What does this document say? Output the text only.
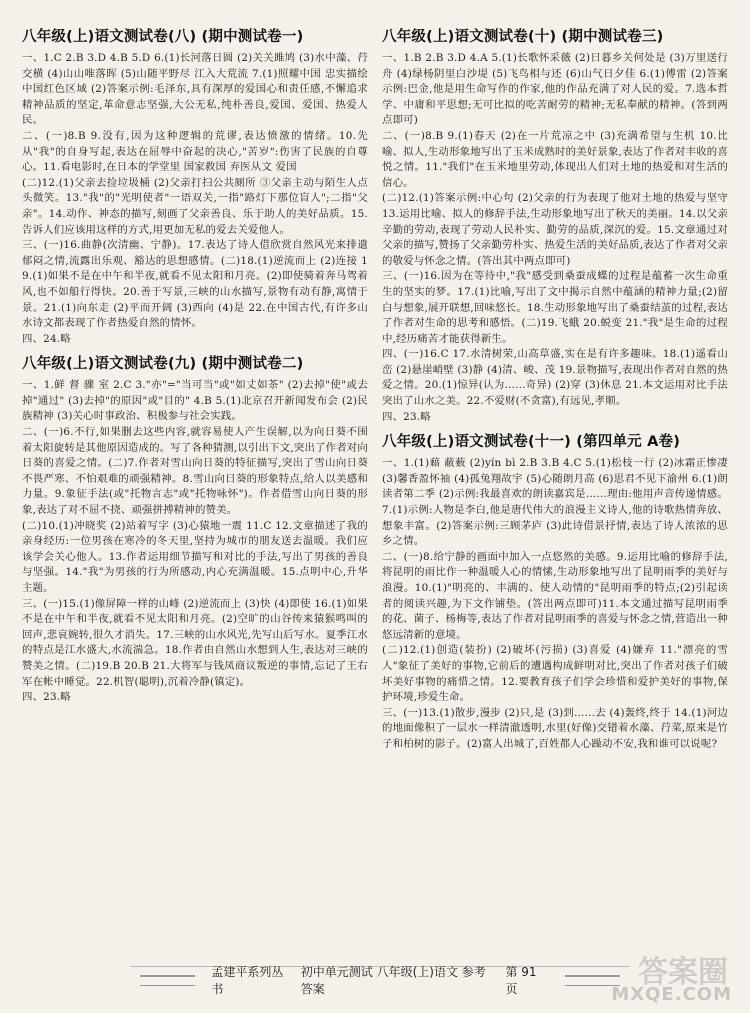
八年级(上)语文测试卷(八) (期中测试卷一)

一、1.C 2.B 3.D 4.B 5.D 6.(1)长河落日圆 (2)关关雎鸠 (3)水中藻、荇交横 (4)山山唯落晖 (5)山随平野尽 江入大荒流 7.(1)照耀中国 忠实描绘中国红色区域 (2)答案示例:毛泽东,具有深厚的爱国心和责任感,不懈追求精神品质的坚定,革命意志坚强,大公无私,纯朴善良,爱国、爱国、热爱人民。

二、(一)8.B 9.没有,因为这种逻辑的荒谬,表达愤激的情绪。10.先从"我"的自身写起,表达在屈辱中奋起的决心,"苦岁":伤害了民族的自尊心。11.看电影时,在日本的学堂里 国家救国 弃医从文 爱国

(二)12.(1)父亲去捡垃圾桶 (2)父亲打扫公共厕所 ③父亲主动与陌生人点头微笑。13."我"的"光明使者"一语双关,一指"路灯下那位盲人";二指"父亲"。14.动作、神态的描写,刻画了父亲善良、乐于助人的美好品质。15.告诉人们应该用这样的方式,用更加无私的爱去关爱他人。

三、(一)16.曲静(次清幽、宁静)。17.表达了诗人借欣赏自然风光来排遣郁闷之情,流露出乐观、豁达的思想感情。(二)18.(1)逆流而上 (2)连接 19.(1)如果不是在中午和半夜,就看不见太阳和月亮。(2)即使骑着奔马驾着风,也不如船行得快。20.善于写景,三峡的山水描写,景物有动有静,寓情于景。21.(1)向东走 (2)平而开阔 (3)西向 (4)是 22.在中国古代,有许多山水诗文都表现了作者热爱自然的情怀。

四、24.略

八年级(上)语文测试卷(九) (期中测试卷二)

一、1.鲜 督 骤 室 2.C 3."亦"="当可当"或"如丈如茶" (2)去掉"使"或去掉"通过" (3)去掉"的原因"或"目的" 4.B 5.(1)北京召开新闻发布会 (2)民族精神 (3)关心时事政治、积极参与社会实践。

二、(一)6.不行,如果删去这些内容,就容易使人产生误解,以为向日葵不围着太阳旋转是其他原因造成的。写了各种猜测,以引出下文,突出了作者对向日葵的喜爱之情。(二)7.作者对雪山向日葵的特征描写,突出了雪山向日葵不畏严寒、不怕艰难的顽强精神。8.雪山向日葵的形象特点,给人以美感和力量。9.象征手法(或"托物言志"或"托物咏怀")。作者借雪山向日葵的形象,表达了对不屈不挠、顽强拼搏精神的赞美。

(二)10.(1)冲晓奖 (2)站着写字 (3)心猿地一震 11.C 12.文章描述了我的亲身经历:一位男孩在寒冷的冬天里,坚持为城市的朋友送去温暖。我们应该学会关心他人。13.作者运用细节描写和对比的手法,写出了男孩的善良与坚强。14."我"为男孩的行为所感动,内心充满温暖。15.点明中心,升华主题。

三、(一)15.(1)像屏障一样的山峰 (2)逆流而上 (3)快 (4)即使 16.(1)如果不是在中午和半夜,就看不见太阳和月亮。(2)空旷的山谷传来猿猴鸣叫的回声,悲哀婉转,很久才消失。17.三峡的山水风光,先写山后写水。夏季江水的特点是江水盛大,水流湍急。18.作者由自然山水想到人生,表达对三峡的赞美之情。(二)19.B 20.B 21.大将军与钱凤商议叛逆的事情,忘记了王右军在帐中睡觉。22.机智(聪明),沉着冷静(镇定)。

四、23.略

八年级(上)语文测试卷(十) (期中测试卷三)

一、1.B 2.B 3.D 4.A 5.(1)长歌怀采薇 (2)日暮乡关何处是 (3)万里送行舟 (4)绿杨阴里白沙堤 (5)飞鸟相与还 (6)山气日夕佳 6.(1)傅雷 (2)答案示例:巴金,他是用生命写作的作家,他的作品充满了对人民的爱。7.选本哲学、中庸和平思想;无可比拟的吃苦耐劳的精神;无私奉献的精神。(答到两点即可)

二、(一)8.B 9.(1)春天 (2)在一片荒凉之中 (3)充满希望与生机 10.比喻、拟人,生动形象地写出了玉米成熟时的美好景象,表达了作者对丰收的喜悦之情。11."我们"在玉米地里劳动,体现出人们对土地的热爱和对生活的信心。

(二)12.(1)答案示例:中心句 (2)父亲的行为表现了他对土地的热爱与坚守 13.运用比喻、拟人的修辞手法,生动形象地写出了秋天的美丽。14.以父亲辛勤的劳动,表现了劳动人民朴实、勤劳的品质,深沉的爱。15.文章通过对父亲的描写,赞扬了父亲勤劳朴实、热爱生活的美好品质,表达了作者对父亲的敬爱与怀念之情。(答出其中两点即可)

三、(一)16.因为在等待中,"我"感受到桑蚕成蝶的过程是蕴蓄一次生命重生的坚实的梦。17.(1)比喻,写出了文中揭示自然中蕴涵的精神力量;(2)留白与想象,展开联想,回味悠长。18.生动形象地写出了桑蚕结茧的过程,表达了作者对生命的思考和感悟。(二)19.飞蛾 20.蜕变 21."我"是生命的过程中,经历痛苦才能获得新生。

四、(一)16.C 17.水清树荣,山高草盛,实在是有许多趣味。18.(1)遥看山峦 (2)悬崖峭壁 (3)静 (4)清、峻、茂 19.景物描写,表现出作者对自然的热爱之情。20.(1)惊异(认为……奇异) (2)穿 (3)休息 21.本文运用对比手法突出了山水之美。22.不爱财(不贪富),有远见,孝顺。

四、23.略

八年级(上)语文测试卷(十一) (第四单元 A卷)

一、1.(1)藉 蔽薮 (2)yín bì 2.B 3.B 4.C 5.(1)松枝一行 (2)冰霜正惨凄 (3)馨香盈怀袖 (4)孤兔翔故宇 (5)心随朗月高 (6)思君不见下渝州 6.(1)朗读者第二季 (2)示例:我最喜欢的朗读嘉宾是……理由:他用声音传递情感。7.(1)示例:人物是李白,他是唐代伟大的浪漫主义诗人,他的诗歌热情奔放、想象丰富。(2)答案示例:三顾茅庐 (3)此诗借景抒情,表达了诗人浓浓的思乡之情。

二、(一)8.给宁静的画面中加入一点悠然的美感。9.运用比喻的修辞手法,将昆明的雨比作一种温暖人心的情愫,生动形象地写出了昆明雨季的美好与浪漫。10.(1)"明亮的、丰满的、使人动情的"昆明雨季的特点;(2)引起读者的阅读兴趣,为下文作铺垫。(答出两点即可)11.本文通过描写昆明雨季的花、菌子、杨梅等,表达了作者对昆明雨季的喜爱与怀念之情,营造出一种悠远清新的意境。

(二)12.(1)创造(装扮) (2)破坏(污损) (3)喜爱 (4)嫌弃 11."漂亮的雪人"象征了美好的事物,它前后的遭遇构成鲜明对比,突出了作者对孩子们破坏美好事物的痛惜之情。12.要教育孩子们学会珍惜和爱护美好的事物,保护环境,珍爱生命。

三、(一)13.(1)散步,漫步 (2)只,是 (3)到……去 (4)轰终,终于 14.(1)河边的地面像积了一层水一样清澈透明,水里(好像)交错着水藻、荇菜,原来是竹子和柏树的影子。(2)富人出城了,百姓都人心躁动不安,我和谁可以说呢?

孟建平系列丛书
初中单元测试 八年级(上)语文 参考答案
第 91 页	答案圈
MXQE.COM
